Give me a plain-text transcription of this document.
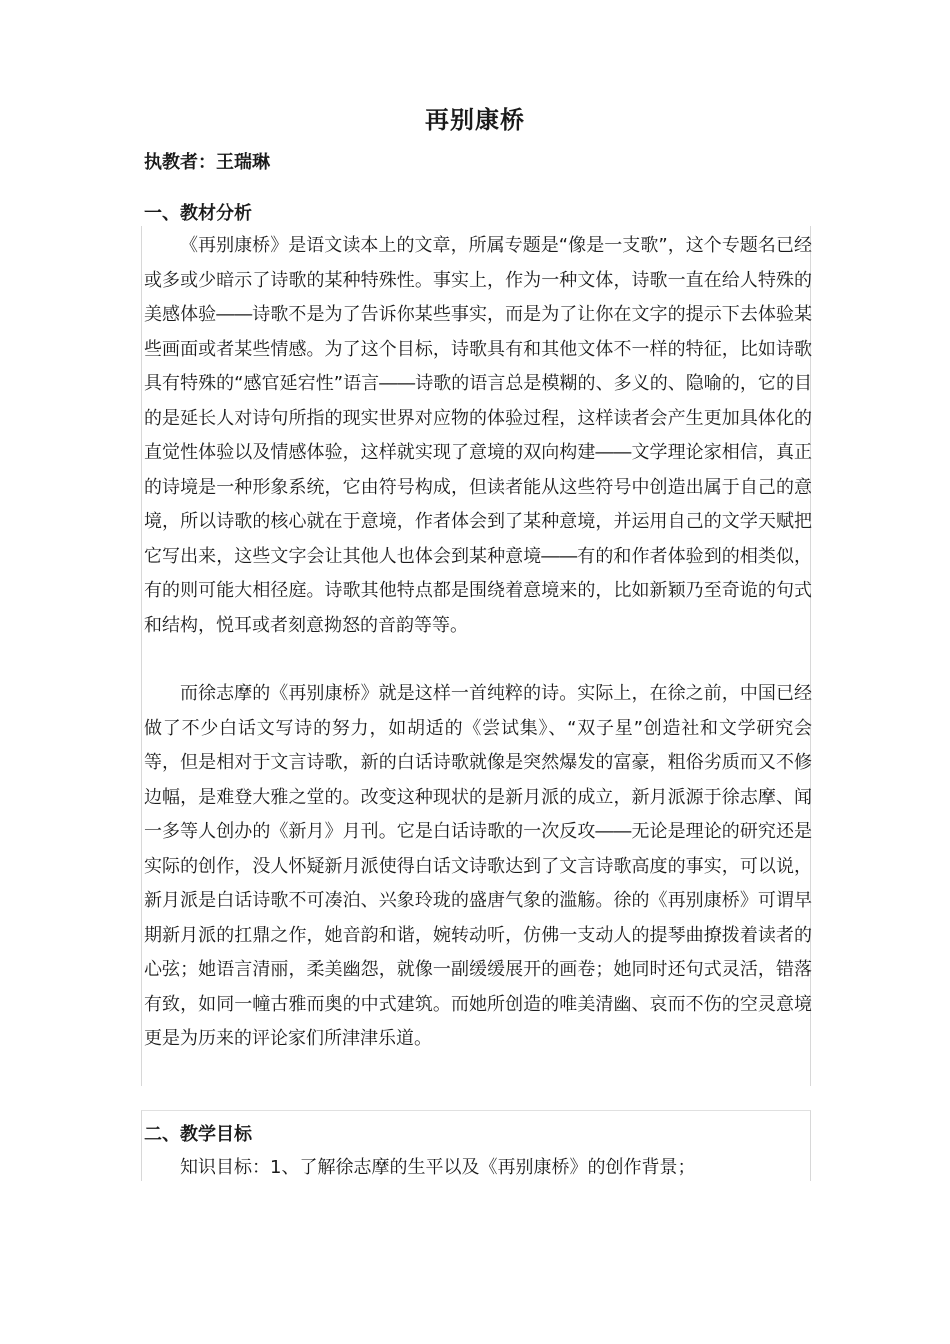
再别康桥
执教者：王瑞琳
一、教材分析

《再别康桥》是语文读本上的文章，所属专题是“像是一支歌”，这个专题名已经或多或少暗示了诗歌的某种特殊性。事实上，作为一种文体，诗歌一直在给人特殊的美感体验――诗歌不是为了告诉你某些事实，而是为了让你在文字的提示下去体验某些画面或者某些情感。为了这个目标，诗歌具有和其他文体不一样的特征，比如诗歌具有特殊的“感官延宕性”语言――诗歌的语言总是模糊的、多义的、隐喻的，它的目的是延长人对诗句所指的现实世界对应物的体验过程，这样读者会产生更加具体化的直觉性体验以及情感体验，这样就实现了意境的双向构建――文学理论家相信，真正的诗境是一种形象系统，它由符号构成，但读者能从这些符号中创造出属于自己的意境，所以诗歌的核心就在于意境，作者体会到了某种意境，并运用自己的文学天赋把它写出来，这些文字会让其他人也体会到某种意境――有的和作者体验到的相类似，有的则可能大相径庭。诗歌其他特点都是围绕着意境来的，比如新颖乃至奇诡的句式和结构，悦耳或者刻意拗怒的音韵等等。

而徐志摩的《再别康桥》就是这样一首纯粹的诗。实际上，在徐之前，中国已经做了不少白话文写诗的努力，如胡适的《尝试集》、“双子星”创造社和文学研究会等，但是相对于文言诗歌，新的白话诗歌就像是突然爆发的富豪，粗俗劣质而又不修边幅，是难登大雅之堂的。改变这种现状的是新月派的成立，新月派源于徐志摩、闻一多等人创办的《新月》月刊。它是白话诗歌的一次反攻――无论是理论的研究还是实际的创作，没人怀疑新月派使得白话文诗歌达到了文言诗歌高度的事实，可以说，新月派是白话诗歌不可凑泊、兴象玲珑的盛唐气象的滥觞。徐的《再别康桥》可谓早期新月派的扛鼎之作，她音韵和谐，婉转动听，仿佛一支动人的提琴曲撩拨着读者的心弦；她语言清丽，柔美幽怨，就像一副缓缓展开的画卷；她同时还句式灵活，错落有致，如同一幢古雅而奥的中式建筑。而她所创造的唯美清幽、哀而不伤的空灵意境更是为历来的评论家们所津津乐道。

二、教学目标

知识目标：1、了解徐志摩的生平以及《再别康桥》的创作背景；
